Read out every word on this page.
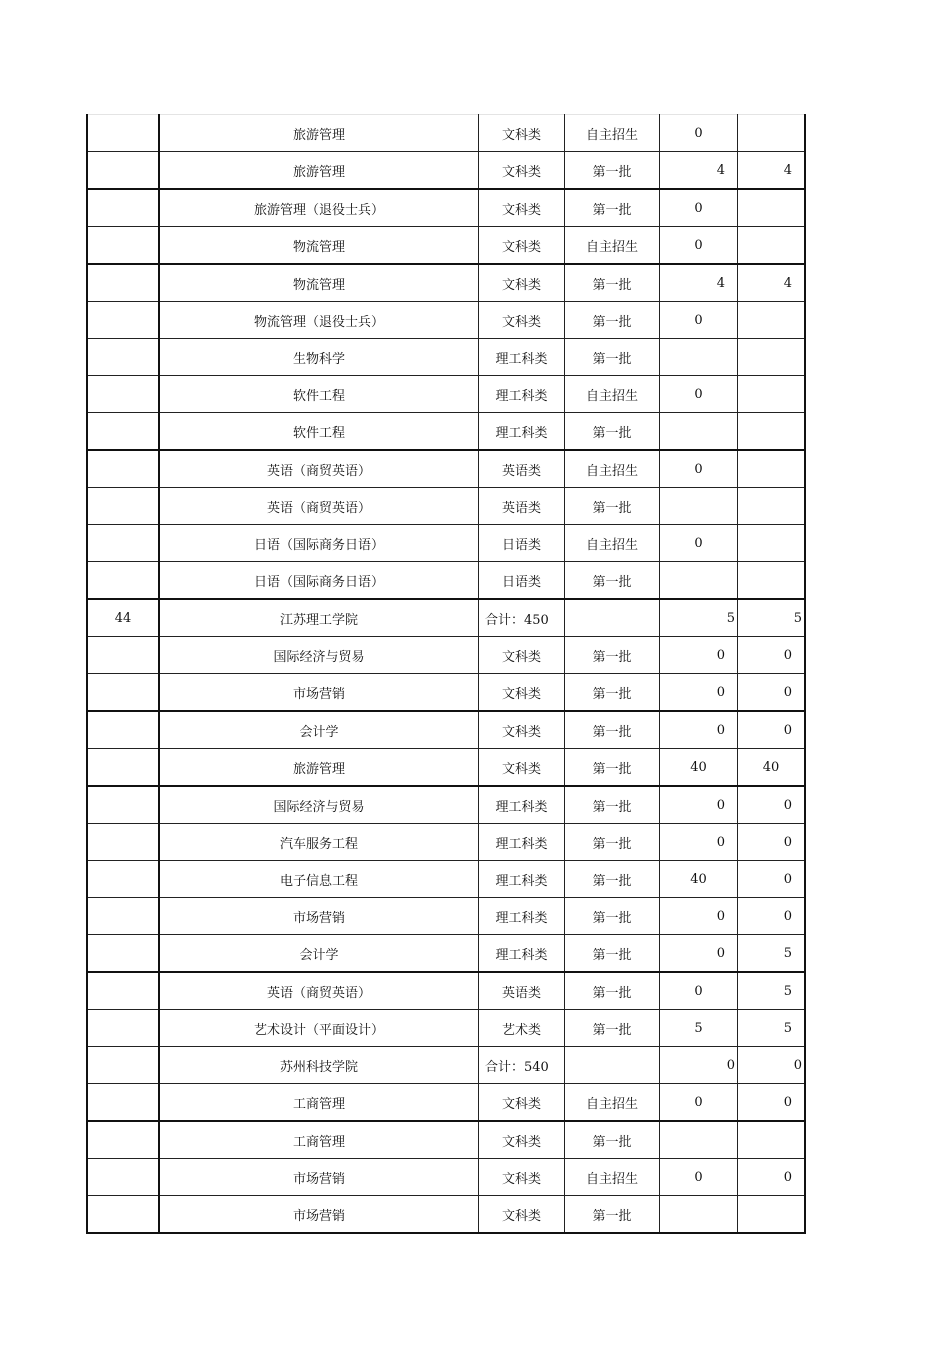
	旅游管理	文科类	自主招生	0	
	旅游管理	文科类	第一批	4	4
	旅游管理（退役士兵）	文科类	第一批	0	
	物流管理	文科类	自主招生	0	
	物流管理	文科类	第一批	4	4
	物流管理（退役士兵）	文科类	第一批	0	
	生物科学	理工科类	第一批		
	软件工程	理工科类	自主招生	0	
	软件工程	理工科类	第一批		
	英语（商贸英语）	英语类	自主招生	0	
	英语（商贸英语）	英语类	第一批		
	日语（国际商务日语）	日语类	自主招生	0	
	日语（国际商务日语）	日语类	第一批		
44	江苏理工学院	合计：450		5	5
	国际经济与贸易	文科类	第一批	0	0
	市场营销	文科类	第一批	0	0
	会计学	文科类	第一批	0	0
	旅游管理	文科类	第一批	40	40
	国际经济与贸易	理工科类	第一批	0	0
	汽车服务工程	理工科类	第一批	0	0
	电子信息工程	理工科类	第一批	40	0
	市场营销	理工科类	第一批	0	0
	会计学	理工科类	第一批	0	5
	英语（商贸英语）	英语类	第一批	0	5
	艺术设计（平面设计）	艺术类	第一批	5	5
	苏州科技学院	合计：540		0	0
	工商管理	文科类	自主招生	0	0
	工商管理	文科类	第一批		
	市场营销	文科类	自主招生	0	0
	市场营销	文科类	第一批		
